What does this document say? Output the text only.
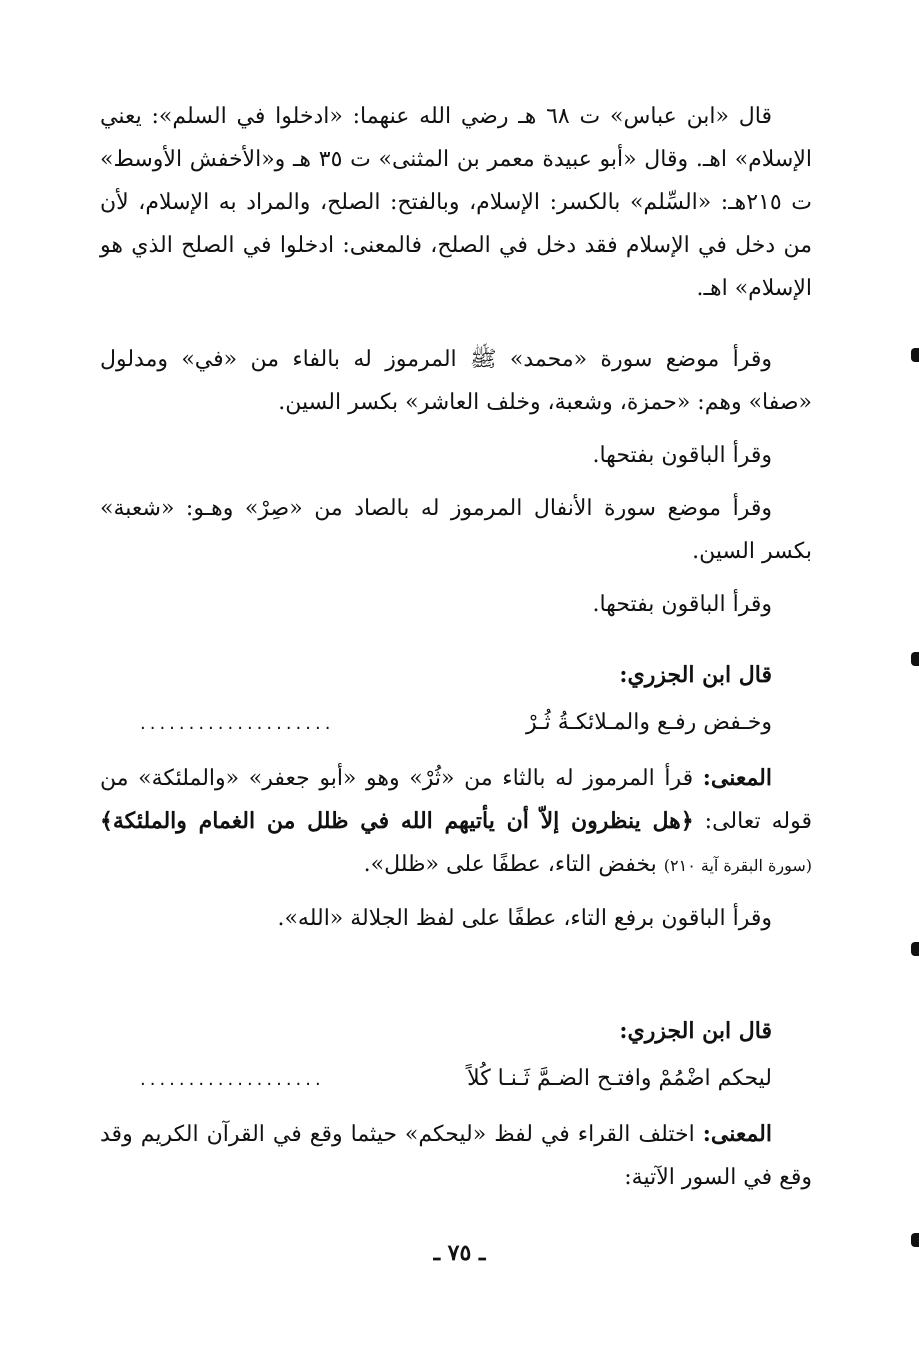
قال «ابن عباس» ت ٦٨ هـ رضي الله عنهما: «ادخلوا في السلم»: يعني الإسلام» اهـ. وقال «أبو عبيدة معمر بن المثنى» ت ٣٥ هـ و«الأخفش الأوسط» ت ٢١٥هـ: «السِّلم» بالكسر: الإسلام، وبالفتح: الصلح، والمراد به الإسلام، لأن من دخل في الإسلام فقد دخل في الصلح، فالمعنى: ادخلوا في الصلح الذي هو الإسلام» اهـ.

وقرأ موضع سورة «محمد» ﷺ المرموز له بالفاء من «في» ومدلول «صفا» وهم: «حمزة، وشعبة، وخلف العاشر» بكسر السين.

وقرأ الباقون بفتحها.

وقرأ موضع سورة الأنفال المرموز له بالصاد من «صِرْ» وهـو: «شعبة» بكسر السين.

وقرأ الباقون بفتحها.

قال ابن الجزري:

وخـفض رفـع والمـلائكـةُ ثُـرْ
....................

المعنى: قرأ المرموز له بالثاء من «ثُرْ» وهو «أبو جعفر» «والملئكة» من قوله تعالى: ﴿هل ينظرون إلاّ أن يأتيهم الله في ظلل من الغمام والملئكة﴾ (سورة البقرة آية ٢١٠) بخفض التاء، عطفًا على «ظلل».

وقرأ الباقون برفع التاء، عطفًا على لفظ الجلالة «الله».

قال ابن الجزري:

ليحكم اضْمُمْ وافتـح الضـمَّ ثَـنـا كُلاً
...................

المعنى: اختلف القراء في لفظ «ليحكم» حيثما وقع في القرآن الكريم وقد وقع في السور الآتية:

ـ ٧٥ ـ
